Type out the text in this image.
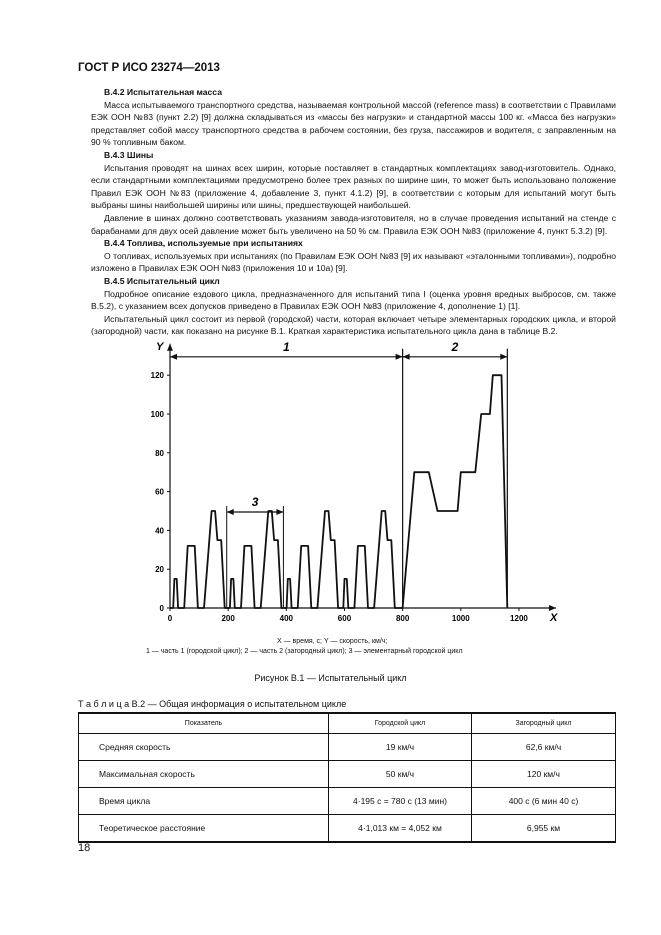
ГОСТ Р ИСО 23274—2013
B.4.2 Испытательная масса
Масса испытываемого транспортного средства, называемая контрольной массой (reference mass) в соответствии с Правилами ЕЭК ООН №83 (пункт 2.2) [9] должна складываться из «массы без нагрузки» и стандартной массы 100 кг. «Масса без нагрузки» представляет собой массу транспортного средства в рабочем состоянии, без груза, пассажиров и водителя, с заправленным на 90 % топливным баком.
B.4.3 Шины
Испытания проводят на шинах всех ширин, которые поставляет в стандартных комплектациях завод-изготовитель. Однако, если стандартными комплектациями предусмотрено более трех разных по ширине шин, то может быть использовано положение Правил ЕЭК ООН №83 (приложение 4, добавление 3, пункт 4.1.2) [9], в соответствии с которым для испытаний могут быть выбраны шины наибольшей ширины или шины, предшествующей наибольшей.
Давление в шинах должно соответствовать указаниям завода-изготовителя, но в случае проведения испытаний на стенде с барабанами для двух осей давление может быть увеличено на 50 % см. Правила ЕЭК ООН №83 (приложение 4, пункт 5.3.2) [9].
B.4.4 Топлива, используемые при испытаниях
О топливах, используемых при испытаниях (по Правилам ЕЭК ООН №83 [9] их называют «эталонными топливами»), подробно изложено в Правилах ЕЭК ООН №83 (приложения 10 и 10а) [9].
B.4.5 Испытательный цикл
Подробное описание ездового цикла, предназначенного для испытаний типа I (оценка уровня вредных выбросов, см. также В.5.2), с указанием всех допусков приведено в Правилах ЕЭК ООН №83 (приложение 4, дополнение 1) [1].
Испытательный цикл состоит из первой (городской) части, которая включает четыре элементарных городских цикла, и второй (загородной) части, как показано на рисунке В.1. Краткая характеристика испытательного цикла дана в таблице В.2.
X
Y
0
20
40
60
80
100
120
0	200	400	600	800	1000	1200
1	2
3
X — время, с; Y — скорость, км/ч;
1 — часть 1 (городской цикл); 2 — часть 2 (загородный цикл); 3 — элементарный городской цикл
Рисунок В.1 — Испытательный цикл
Т а б л и ц а В.2 — Общая информация о испытательном цикле
Показатель	Городской цикл	Загородный цикл
Средняя скорость	19 км/ч	62,6 км/ч
Максимальная скорость	50 км/ч	120 км/ч
Время цикла	4·195 с = 780 с (13 мин)	400 с (6 мин 40 с)
Теоретическое расстояние	4·1,013 км = 4,052 км	6,955 км
18
